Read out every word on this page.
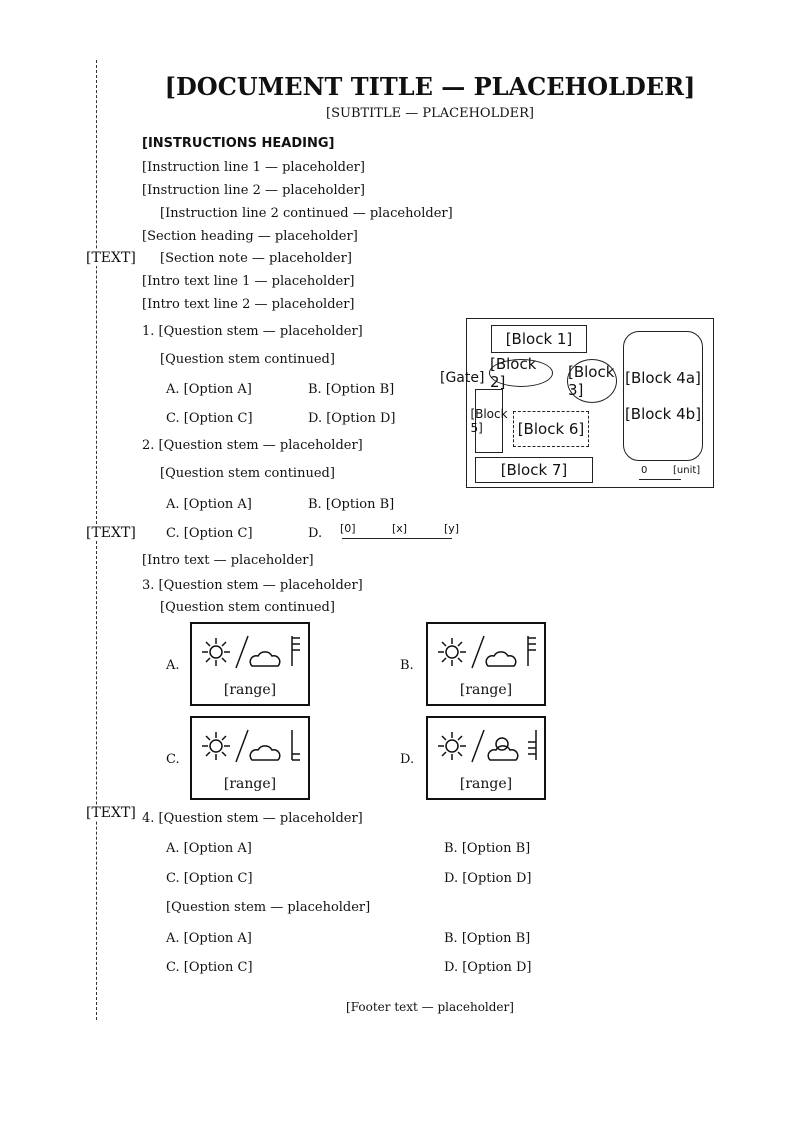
[TEXT]
[TEXT]
[TEXT]
[DOCUMENT TITLE — PLACEHOLDER]
[SUBTITLE — PLACEHOLDER]
[INSTRUCTIONS HEADING]
[Instruction line 1 — placeholder]
[Instruction line 2 — placeholder]
[Instruction line 2 continued — placeholder]
[Section heading — placeholder]
[Section note — placeholder]
[Intro text line 1 — placeholder]
[Intro text line 2 — placeholder]
1. [Question stem — placeholder]
[Question stem continued]
A. [Option A]	B. [Option B]
C. [Option C]	D. [Option D]
[Block 1]
[Block 2]
[Block 3]
[Block 4a]
[Block 4b]
[Block 5]	[Block 6]
[Block 7]	0	[unit]
[Gate]
2. [Question stem — placeholder]
[Question stem continued]
A. [Option A]	B. [Option B]
C. [Option C]	D. [0]	[x]	[y]
[Intro text — placeholder]
3. [Question stem — placeholder]
[Question stem continued]
A.
[range]
B.
[range]
C.
[range]
D.
[range]
4. [Question stem — placeholder]
A. [Option A]	B. [Option B]
C. [Option C]	D. [Option D]
[Question stem — placeholder]
A. [Option A]	B. [Option B]
C. [Option C]	D. [Option D]
[Footer text — placeholder]
